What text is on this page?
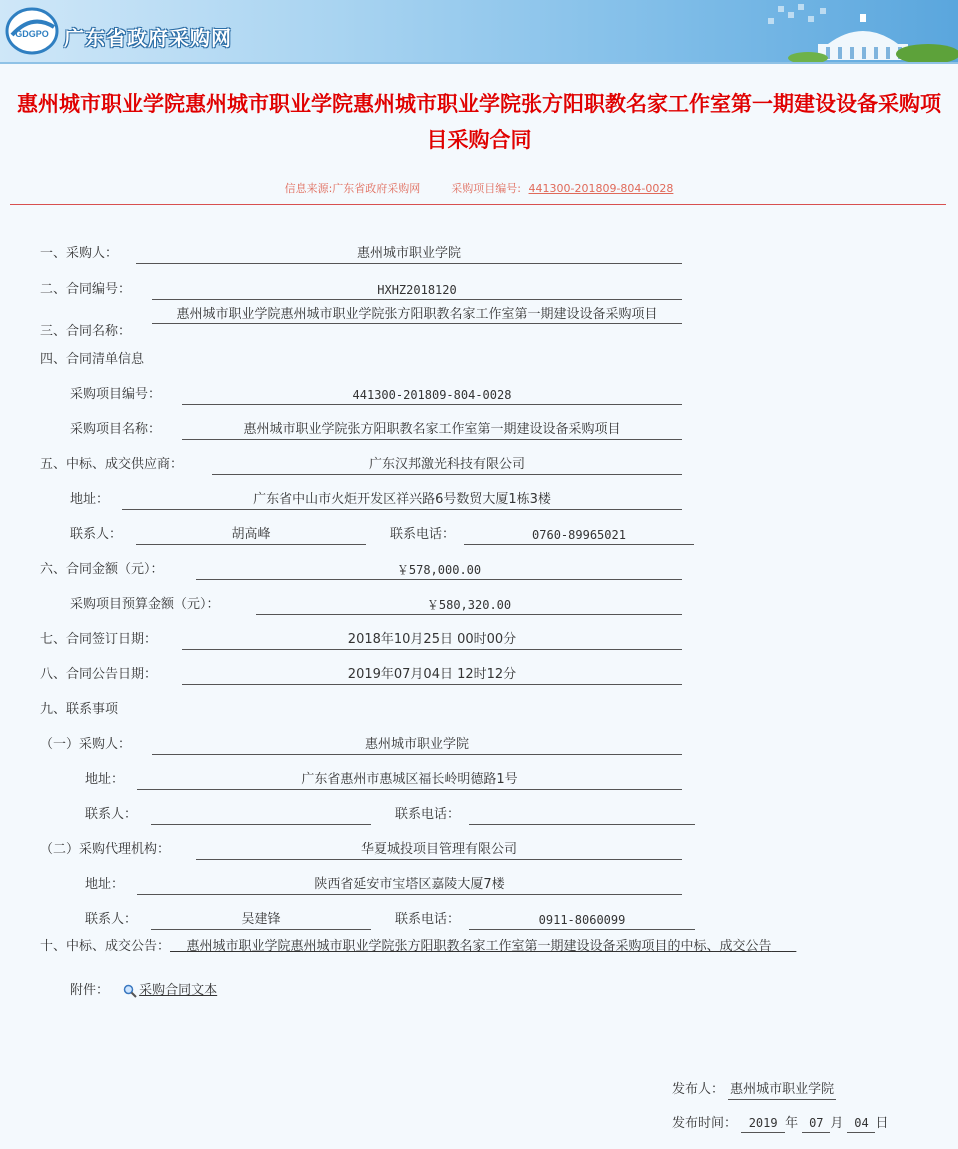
GDGPO 广东省政府采购网
惠州城市职业学院惠州城市职业学院惠州城市职业学院张方阳职教名家工作室第一期建设设备采购项目采购合同
信息来源:广东省政府采购网	采购项目编号: 441300-201809-804-0028
一、采购人：	惠州城市职业学院
二、合同编号：	HXHZ2018120
三、合同名称：
惠州城市职业学院惠州城市职业学院张方阳职教名家工作室第一期建设设备采购项目
四、合同清单信息
采购项目编号：	441300-201809-804-0028
采购项目名称：	惠州城市职业学院张方阳职教名家工作室第一期建设设备采购项目
五、中标、成交供应商：	广东汉邦激光科技有限公司
地址：	广东省中山市火炬开发区祥兴路6号数贸大厦1栋3楼
联系人：	胡高峰	联系电话：	0760-89965021
六、合同金额（元）：	￥578,000.00
采购项目预算金额（元）：	￥580,320.00
七、合同签订日期：	2018年10月25日 00时00分
八、合同公告日期：	2019年07月04日 12时12分
九、联系事项
（一）采购人：	惠州城市职业学院
地址：	广东省惠州市惠城区福长岭明德路1号
联系人：	联系电话：
（二）采购代理机构：	华夏城投项目管理有限公司
地址：	陕西省延安市宝塔区嘉陵大厦7楼
联系人：	吴建锋	联系电话：	0911-8060099
十、中标、成交公告： 惠州城市职业学院惠州城市职业学院张方阳职教名家工作室第一期建设设备采购项目的中标、成交公告
附件： 采购合同文本
发布人： 惠州城市职业学院
发布时间： 2019 年 07 月 04 日
